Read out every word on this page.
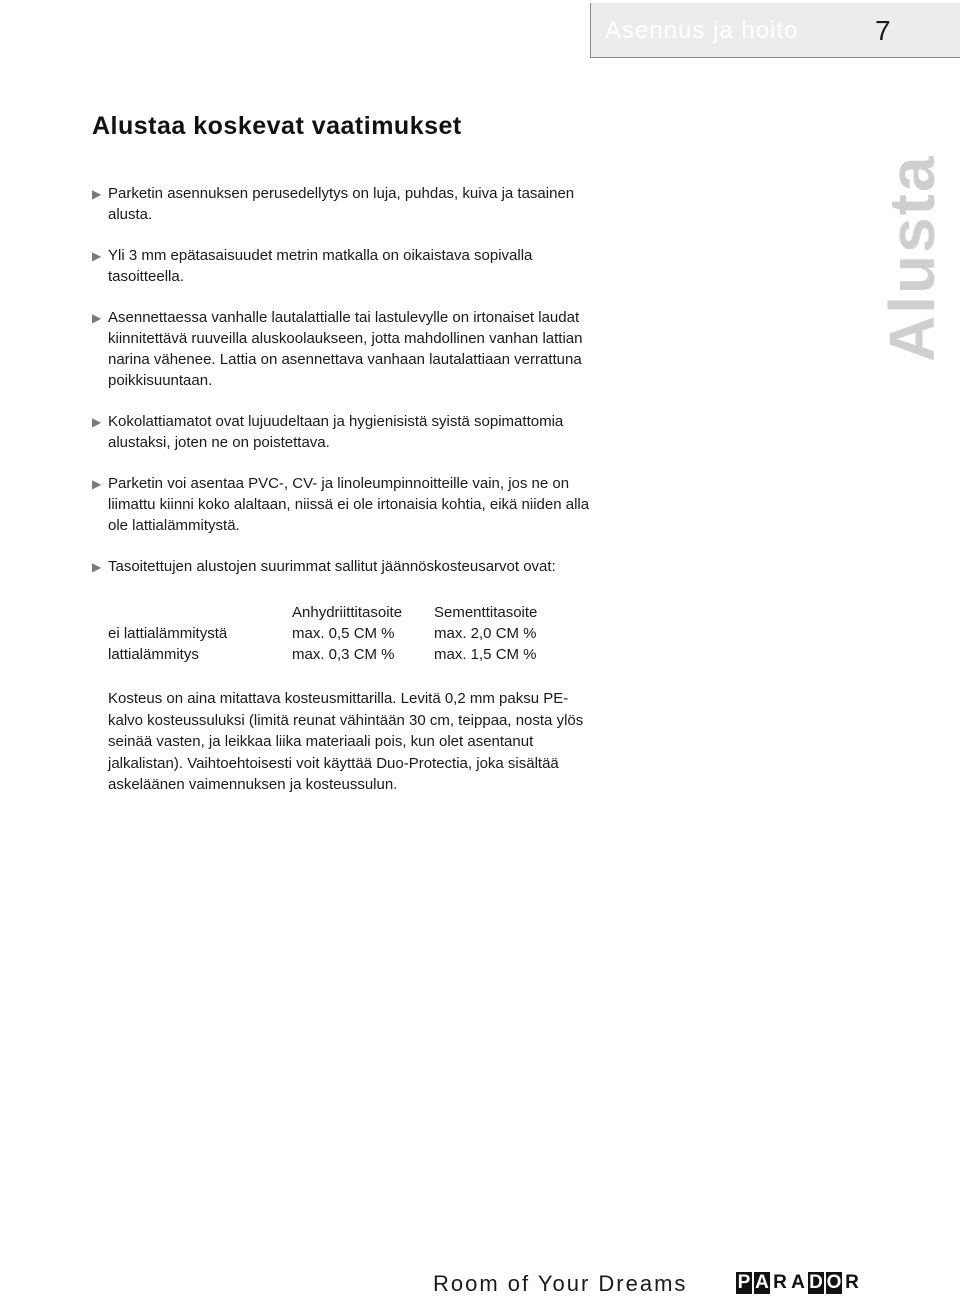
Asennus ja hoito	7
Alusta
Alustaa koskevat vaatimukset
▶ Parketin asennuksen perusedellytys on luja, puhdas, kuiva ja tasainen alusta.
▶ Yli 3 mm epätasaisuudet metrin matkalla on oikaistava sopivalla tasoitteella.
▶ Asennettaessa vanhalle lautalattialle tai lastulevylle on irtonaiset laudat kiinnitettävä ruuveilla aluskoolaukseen, jotta mahdollinen vanhan lattian narina vähenee. Lattia on asennettava vanhaan lautalattiaan verrattuna poikkisuuntaan.
▶ Kokolattiamatot ovat lujuudeltaan ja hygienisistä syistä sopimattomia alustaksi, joten ne on poistettava.
▶ Parketin voi asentaa PVC-, CV- ja linoleumpinnoitteille vain, jos ne on liimattu kiinni koko alaltaan, niissä ei ole irtonaisia kohtia, eikä niiden alla ole lattialämmitystä.
▶ Tasoitettujen alustojen suurimmat sallitut jäännöskosteusarvot ovat:
	Anhydriittitasoite	Sementtitasoite
ei lattialämmitystä	max. 0,5 CM %	max. 2,0 CM %
lattialämmitys	max. 0,3 CM %	max. 1,5 CM %

Kosteus on aina mitattava kosteusmittarilla. Levitä 0,2 mm paksu PE-kalvo kosteussuluksi (limitä reunat vähintään 30 cm, teippaa, nosta ylös seinää vasten, ja leikkaa liika materiaali pois, kun olet asentanut jalkalistan). Vaihtoehtoisesti voit käyttää Duo-Protectia, joka sisältää askeläänen vaimennuksen ja kosteussulun.

Room of Your Dreams	P A R A D O R
